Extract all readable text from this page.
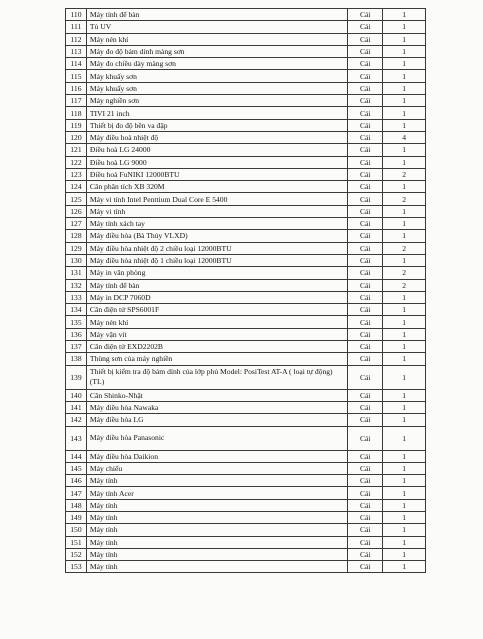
110	Máy tính để bàn	Cái	1
111	Tủ UV	Cái	1
112	Máy nén khí	Cái	1
113	Máy đo độ bám dính màng sơn	Cái	1
114	Máy đo chiều dày màng sơn	Cái	1
115	Máy khuấy sơn	Cái	1
116	Máy khuấy sơn	Cái	1
117	Máy nghiền sơn	Cái	1
118	TIVI 21 inch	Cái	1
119	Thiết bị đo độ bền va đập	Cái	1
120	Máy điều hoà nhiệt độ	Cái	4
121	Điều hoà LG 24000	Cái	1
122	Điều hoà LG 9000	Cái	1
123	Điều hoà FuNIKI 12000BTU	Cái	2
124	Cân phân tích XB 320M	Cái	1
125	Máy vi tính Intel Penttium Dual Core E 5400	Cái	2
126	Máy vi tính	Cái	1
127	Máy tính xách tay	Cái	1
128	Máy điều hòa (Bà Thủy VLXD)	Cái	1
129	Máy điều hòa nhiệt độ 2 chiều loại 12000BTU	Cái	2
130	Máy điều hòa nhiệt độ 1 chiều loại 12000BTU	Cái	1
131	Máy in văn phòng	Cái	2
132	Máy tính để bàn	Cái	2
133	Máy in DCP 7060D	Cái	1
134	Cân điện tử SPS6001F	Cái	1
135	Máy nén khí	Cái	1
136	Máy vặn vít	Cái	1
137	Cân điện tử EXD2202B	Cái	1
138	Thùng sơn của máy nghiền	Cái	1
139	Thiết bị kiểm tra độ bám dính của lớp phủ Model: PosiTest AT-A ( loại tự động) (TL)	Cái	1
140	Cân Shinko-Nhật	Cái	1
141	Máy điều hòa Nawaka	Cái	1
142	Máy điều hòa LG	Cái	1
143	Máy điều hòa Panasonic	Cái	1
144	Máy điều hòa Daikion	Cái	1
145	Máy chiếu	Cái	1
146	Máy tính	Cái	1
147	Máy tính Acer	Cái	1
148	Máy tính	Cái	1
149	Máy tính	Cái	1
150	Máy tính	Cái	1
151	Máy tính	Cái	1
152	Máy tính	Cái	1
153	Máy tính	Cái	1
